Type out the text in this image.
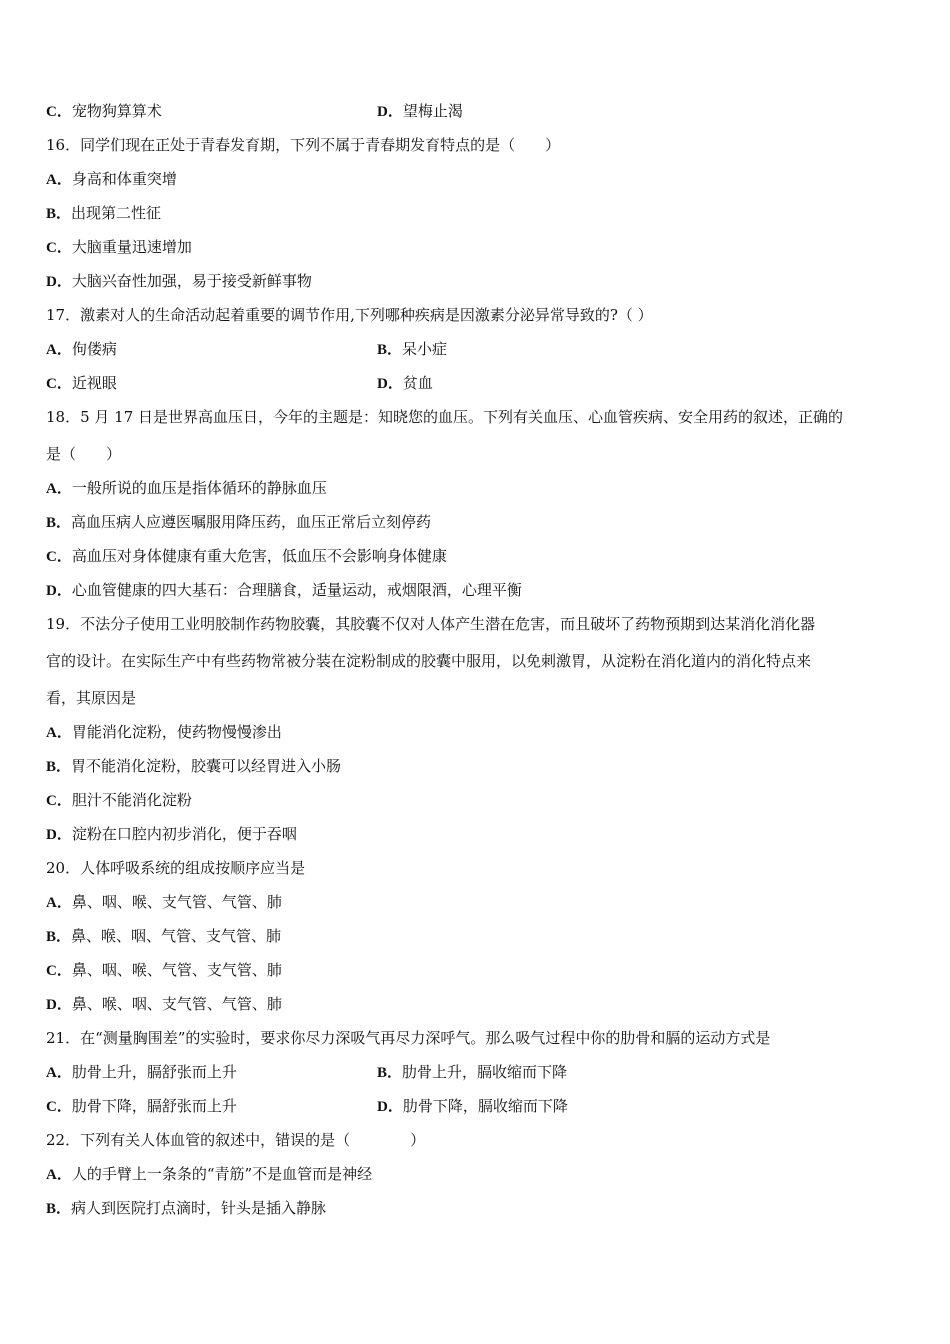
C．宠物狗算算术	D．望梅止渴
16．同学们现在正处于青春发育期，下列不属于青春期发育特点的是（　　）
A．身高和体重突增
B．出现第二性征
C．大脑重量迅速增加
D．大脑兴奋性加强，易于接受新鲜事物
17．激素对人的生命活动起着重要的调节作用,下列哪种疾病是因激素分泌异常导致的?（ ）
A．佝偻病	B．呆小症
C．近视眼	D．贫血
18．5 月 17 日是世界高血压日，今年的主题是：知晓您的血压。下列有关血压、心血管疾病、安全用药的叙述，正确的
是（　　）
A．一般所说的血压是指体循环的静脉血压
B．高血压病人应遵医嘱服用降压药，血压正常后立刻停药
C．高血压对身体健康有重大危害，低血压不会影响身体健康
D．心血管健康的四大基石：合理膳食，适量运动，戒烟限酒，心理平衡
19．不法分子使用工业明胶制作药物胶囊，其胶囊不仅对人体产生潜在危害，而且破坏了药物预期到达某消化消化器
官的设计。在实际生产中有些药物常被分装在淀粉制成的胶囊中服用，以免刺激胃，从淀粉在消化道内的消化特点来
看，其原因是
A．胃能消化淀粉，使药物慢慢渗出
B．胃不能消化淀粉，胶囊可以经胃进入小肠
C．胆汁不能消化淀粉
D．淀粉在口腔内初步消化，便于吞咽
20．人体呼吸系统的组成按顺序应当是
A．鼻、咽、喉、支气管、气管、肺
B．鼻、喉、咽、气管、支气管、肺
C．鼻、咽、喉、气管、支气管、肺
D．鼻、喉、咽、支气管、气管、肺
21．在“测量胸围差”的实验时，要求你尽力深吸气再尽力深呼气。那么吸气过程中你的肋骨和膈的运动方式是
A．肋骨上升，膈舒张而上升	B．肋骨上升，膈收缩而下降
C．肋骨下降，膈舒张而上升	D．肋骨下降，膈收缩而下降
22．下列有关人体血管的叙述中，错误的是（　　　　）
A．人的手臂上一条条的“青筋”不是血管而是神经
B．病人到医院打点滴时，针头是插入静脉
